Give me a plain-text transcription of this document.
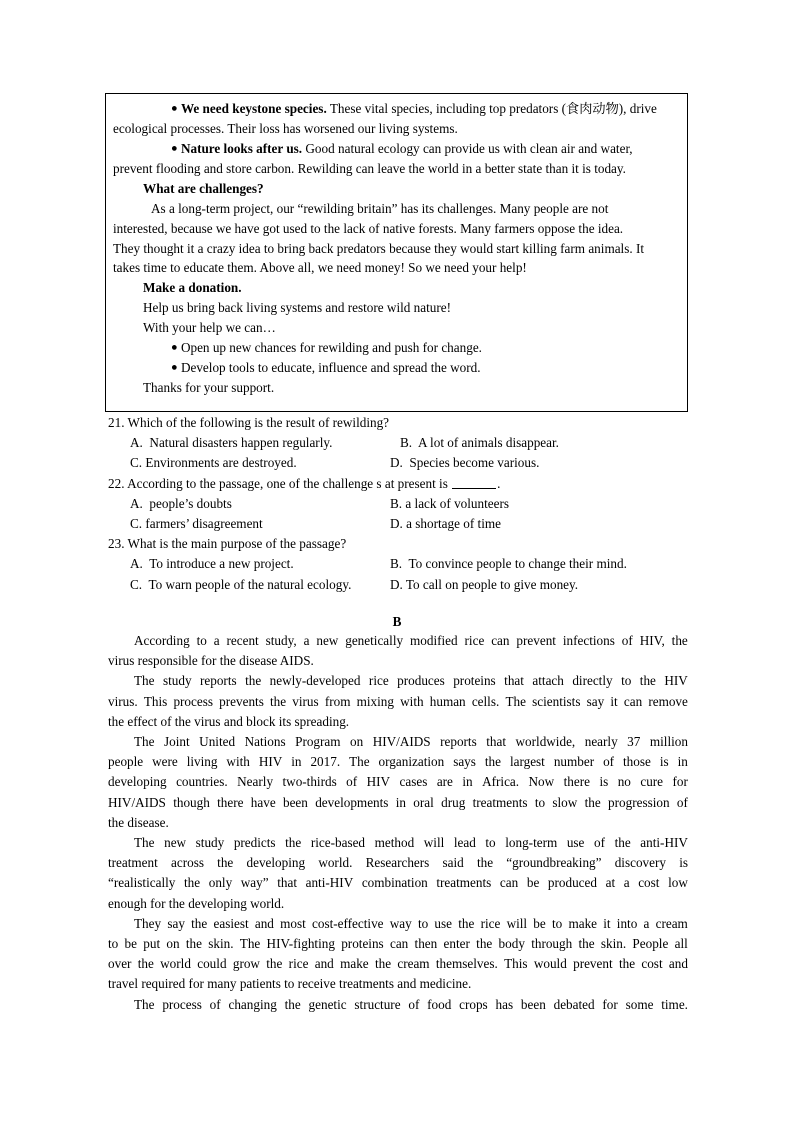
● We need keystone species. These vital species, including top predators (食肉动物), drive
ecological processes. Their loss has worsened our living systems.
● Nature looks after us. Good natural ecology can provide us with clean air and water,
prevent flooding and store carbon. Rewilding can leave the world in a better state than it is today.
What are challenges?
As a long-term project, our “rewilding britain” has its challenges. Many people are not
interested, because we have got used to the lack of native forests. Many farmers oppose the idea.
They thought it a crazy idea to bring back predators because they would start killing farm animals. It
takes time to educate them. Above all, we need money! So we need your help!
Make a donation.
Help us bring back living systems and restore wild nature!
With your help we can…
● Open up new chances for rewilding and push for change.
● Develop tools to educate, influence and spread the word.
Thanks for your support.
21. Which of the following is the result of rewilding?
A. Natural disasters happen regularly.	B. A lot of animals disappear.
C. Environments are destroyed.	D. Species become various.
22. According to the passage, one of the challenge s at present is	.
A. people’s doubts	B. a lack of volunteers
C. farmers’ disagreement	D. a shortage of time
23. What is the main purpose of the passage?
A. To introduce a new project.	B. To convince people to change their mind.
C. To warn people of the natural ecology.	D. To call on people to give money.
B
According to a recent study, a new genetically modified rice can prevent infections of HIV, the
virus responsible for the disease AIDS.
The study reports the newly-developed rice produces proteins that attach directly to the HIV
virus. This process prevents the virus from mixing with human cells. The scientists say it can remove
the effect of the virus and block its spreading.
The Joint United Nations Program on HIV/AIDS reports that worldwide, nearly 37 million
people were living with HIV in 2017. The organization says the largest number of those is in
developing countries. Nearly two-thirds of HIV cases are in Africa. Now there is no cure for
HIV/AIDS though there have been developments in oral drug treatments to slow the progression of
the disease.
The new study predicts the rice-based method will lead to long-term use of the anti-HIV
treatment across the developing world. Researchers said the “groundbreaking” discovery is
“realistically the only way” that anti-HIV combination treatments can be produced at a cost low
enough for the developing world.
They say the easiest and most cost-effective way to use the rice will be to make it into a cream
to be put on the skin. The HIV-fighting proteins can then enter the body through the skin. People all
over the world could grow the rice and make the cream themselves. This would prevent the cost and
travel required for many patients to receive treatments and medicine.
The process of changing the genetic structure of food crops has been debated for some time.
